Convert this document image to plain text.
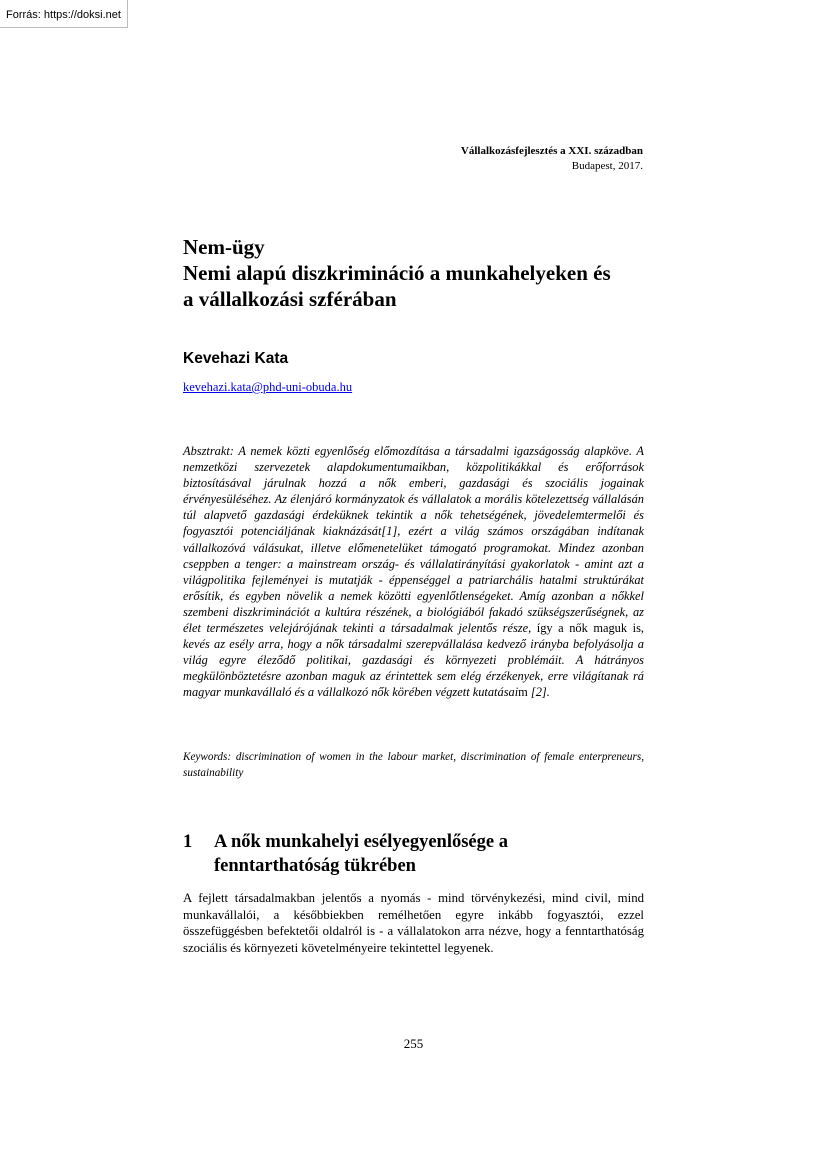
Forrás: https://doksi.net
Vállalkozásfejlesztés a XXI. században
Budapest, 2017.
Nem-ügy
Nemi alapú diszkrimináció a munkahelyeken és
a vállalkozási szférában
Kevehazi Kata
kevehazi.kata@phd-uni-obuda.hu

Absztrakt: A nemek közti egyenlőség előmozdítása a társadalmi igazságosság alapköve. A nemzetközi szervezetek alapdokumentumaikban, közpolitikákkal és erőforrások biztosításával járulnak hozzá a nők emberi, gazdasági és szociális jogainak érvényesüléséhez. Az élenjáró kormányzatok és vállalatok a morális kötelezettség vállalásán túl alapvető gazdasági érdeküknek tekintik a nők tehetségének, jövedelemtermelői és fogyasztói potenciáljának kiaknázását[1], ezért a világ számos országában indítanak vállalkozóvá válásukat, illetve előmenetelüket támogató programokat. Mindez azonban cseppben a tenger: a mainstream ország- és vállalatirányítási gyakorlatok - amint azt a világpolitika fejleményei is mutatják - éppenséggel a patriarchális hatalmi struktúrákat erősítik, és egyben növelik a nemek közötti egyenlőtlenségeket. Amíg azonban a nőkkel szembeni diszkriminációt a kultúra részének, a biológiából fakadó szükségszerűségnek, az élet természetes velejárójának tekinti a társadalmak jelentős része, így a nők maguk is, kevés az esély arra, hogy a nők társadalmi szerepvállalása kedvező irányba befolyásolja a világ egyre éleződő politikai, gazdasági és környezeti problémáit. A hátrányos megkülönböztetésre azonban maguk az érintettek sem elég érzékenyek, erre világítanak rá magyar munkavállaló és a vállalkozó nők körében végzett kutatásaim [2].

Keywords: discrimination of women in the labour market, discrimination of female enterpreneurs, sustainability

1 A nők munkahelyi esélyegyenlősége a fenntarthatóság tükrében

A fejlett társadalmakban jelentős a nyomás - mind törvénykezési, mind civil, mind munkavállalói, a későbbiekben remélhetően egyre inkább fogyasztói, ezzel összefüggésben befektetői oldalról is - a vállalatokon arra nézve, hogy a fenntarthatóság szociális és környezeti követelményeire tekintettel legyenek.

255
